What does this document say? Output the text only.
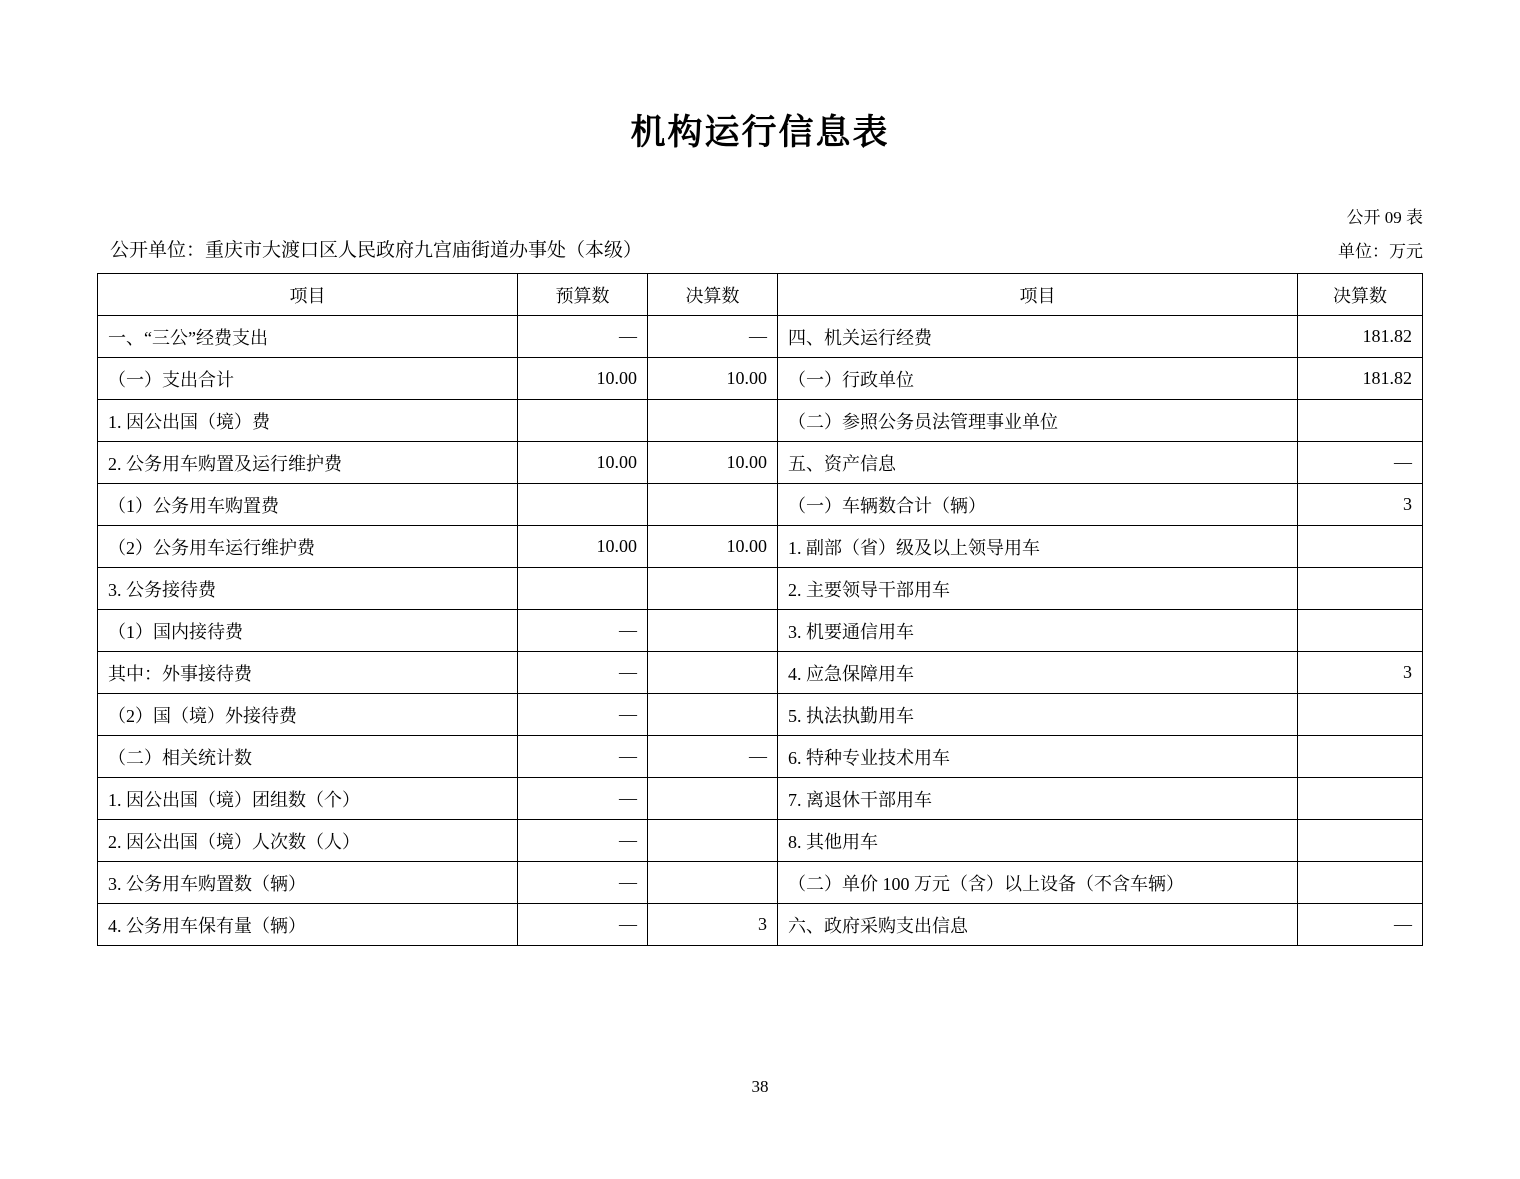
机构运行信息表
公开 09 表
公开单位：重庆市大渡口区人民政府九宫庙街道办事处（本级）	单位：万元
项目	预算数	决算数	项目	决算数
一、“三公”经费支出	—	—	四、机关运行经费	181.82
（一）支出合计	10.00	10.00	（一）行政单位	181.82
1. 因公出国（境）费			（二）参照公务员法管理事业单位	
2. 公务用车购置及运行维护费	10.00	10.00	五、资产信息	—
（1）公务用车购置费			（一）车辆数合计（辆）	3
（2）公务用车运行维护费	10.00	10.00	1. 副部（省）级及以上领导用车	
3. 公务接待费			2. 主要领导干部用车	
（1）国内接待费	—		3. 机要通信用车	
其中：外事接待费	—		4. 应急保障用车	3
（2）国（境）外接待费	—		5. 执法执勤用车	
（二）相关统计数	—	—	6. 特种专业技术用车	
1. 因公出国（境）团组数（个）	—		7. 离退休干部用车	
2. 因公出国（境）人次数（人）	—		8. 其他用车	
3. 公务用车购置数（辆）	—		（二）单价 100 万元（含）以上设备（不含车辆）	
4. 公务用车保有量（辆）	—	3	六、政府采购支出信息	—
38
